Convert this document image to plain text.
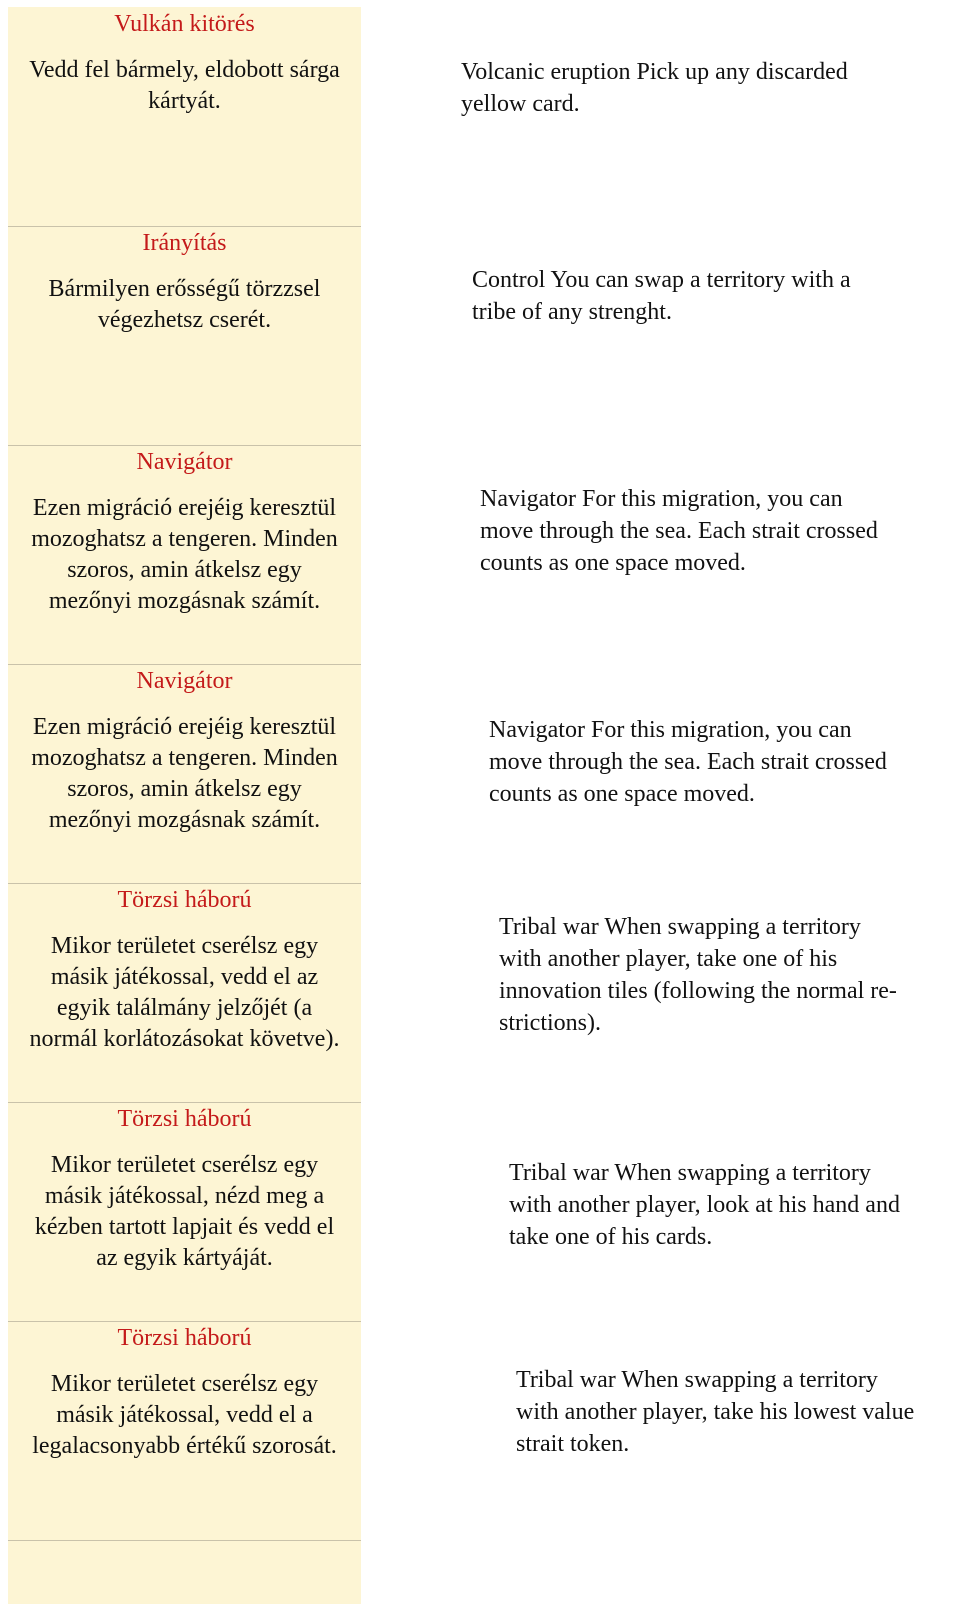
Vulkán kitörés
Vedd fel bármely, eldobott sárga
kártyát.
Volcanic eruption Pick up any discarded
yellow card.
Irányítás
Bármilyen erősségű törzzsel
végezhetsz cserét.
Control You can swap a territory with a
tribe of any strenght.
Navigátor
Ezen migráció erejéig keresztül
mozoghatsz a tengeren. Minden
szoros, amin átkelsz egy
mezőnyi mozgásnak számít.
Navigator For this migration, you can
move through the sea. Each strait crossed
counts as one space moved.
Navigátor
Ezen migráció erejéig keresztül
mozoghatsz a tengeren. Minden
szoros, amin átkelsz egy
mezőnyi mozgásnak számít.
Navigator For this migration, you can
move through the sea. Each strait crossed
counts as one space moved.
Törzsi háború
Mikor területet cserélsz egy
másik játékossal, vedd el az
egyik találmány jelzőjét (a
normál korlátozásokat követve).
Tribal war When swapping a territory
with another player, take one of his
innovation tiles (following the normal re-
strictions).
Törzsi háború
Mikor területet cserélsz egy
másik játékossal, nézd meg a
kézben tartott lapjait és vedd el
az egyik kártyáját.
Tribal war When swapping a territory
with another player, look at his hand and
take one of his cards.
Törzsi háború
Mikor területet cserélsz egy
másik játékossal, vedd el a
legalacsonyabb értékű szorosát.
Tribal war When swapping a territory
with another player, take his lowest value
strait token.
